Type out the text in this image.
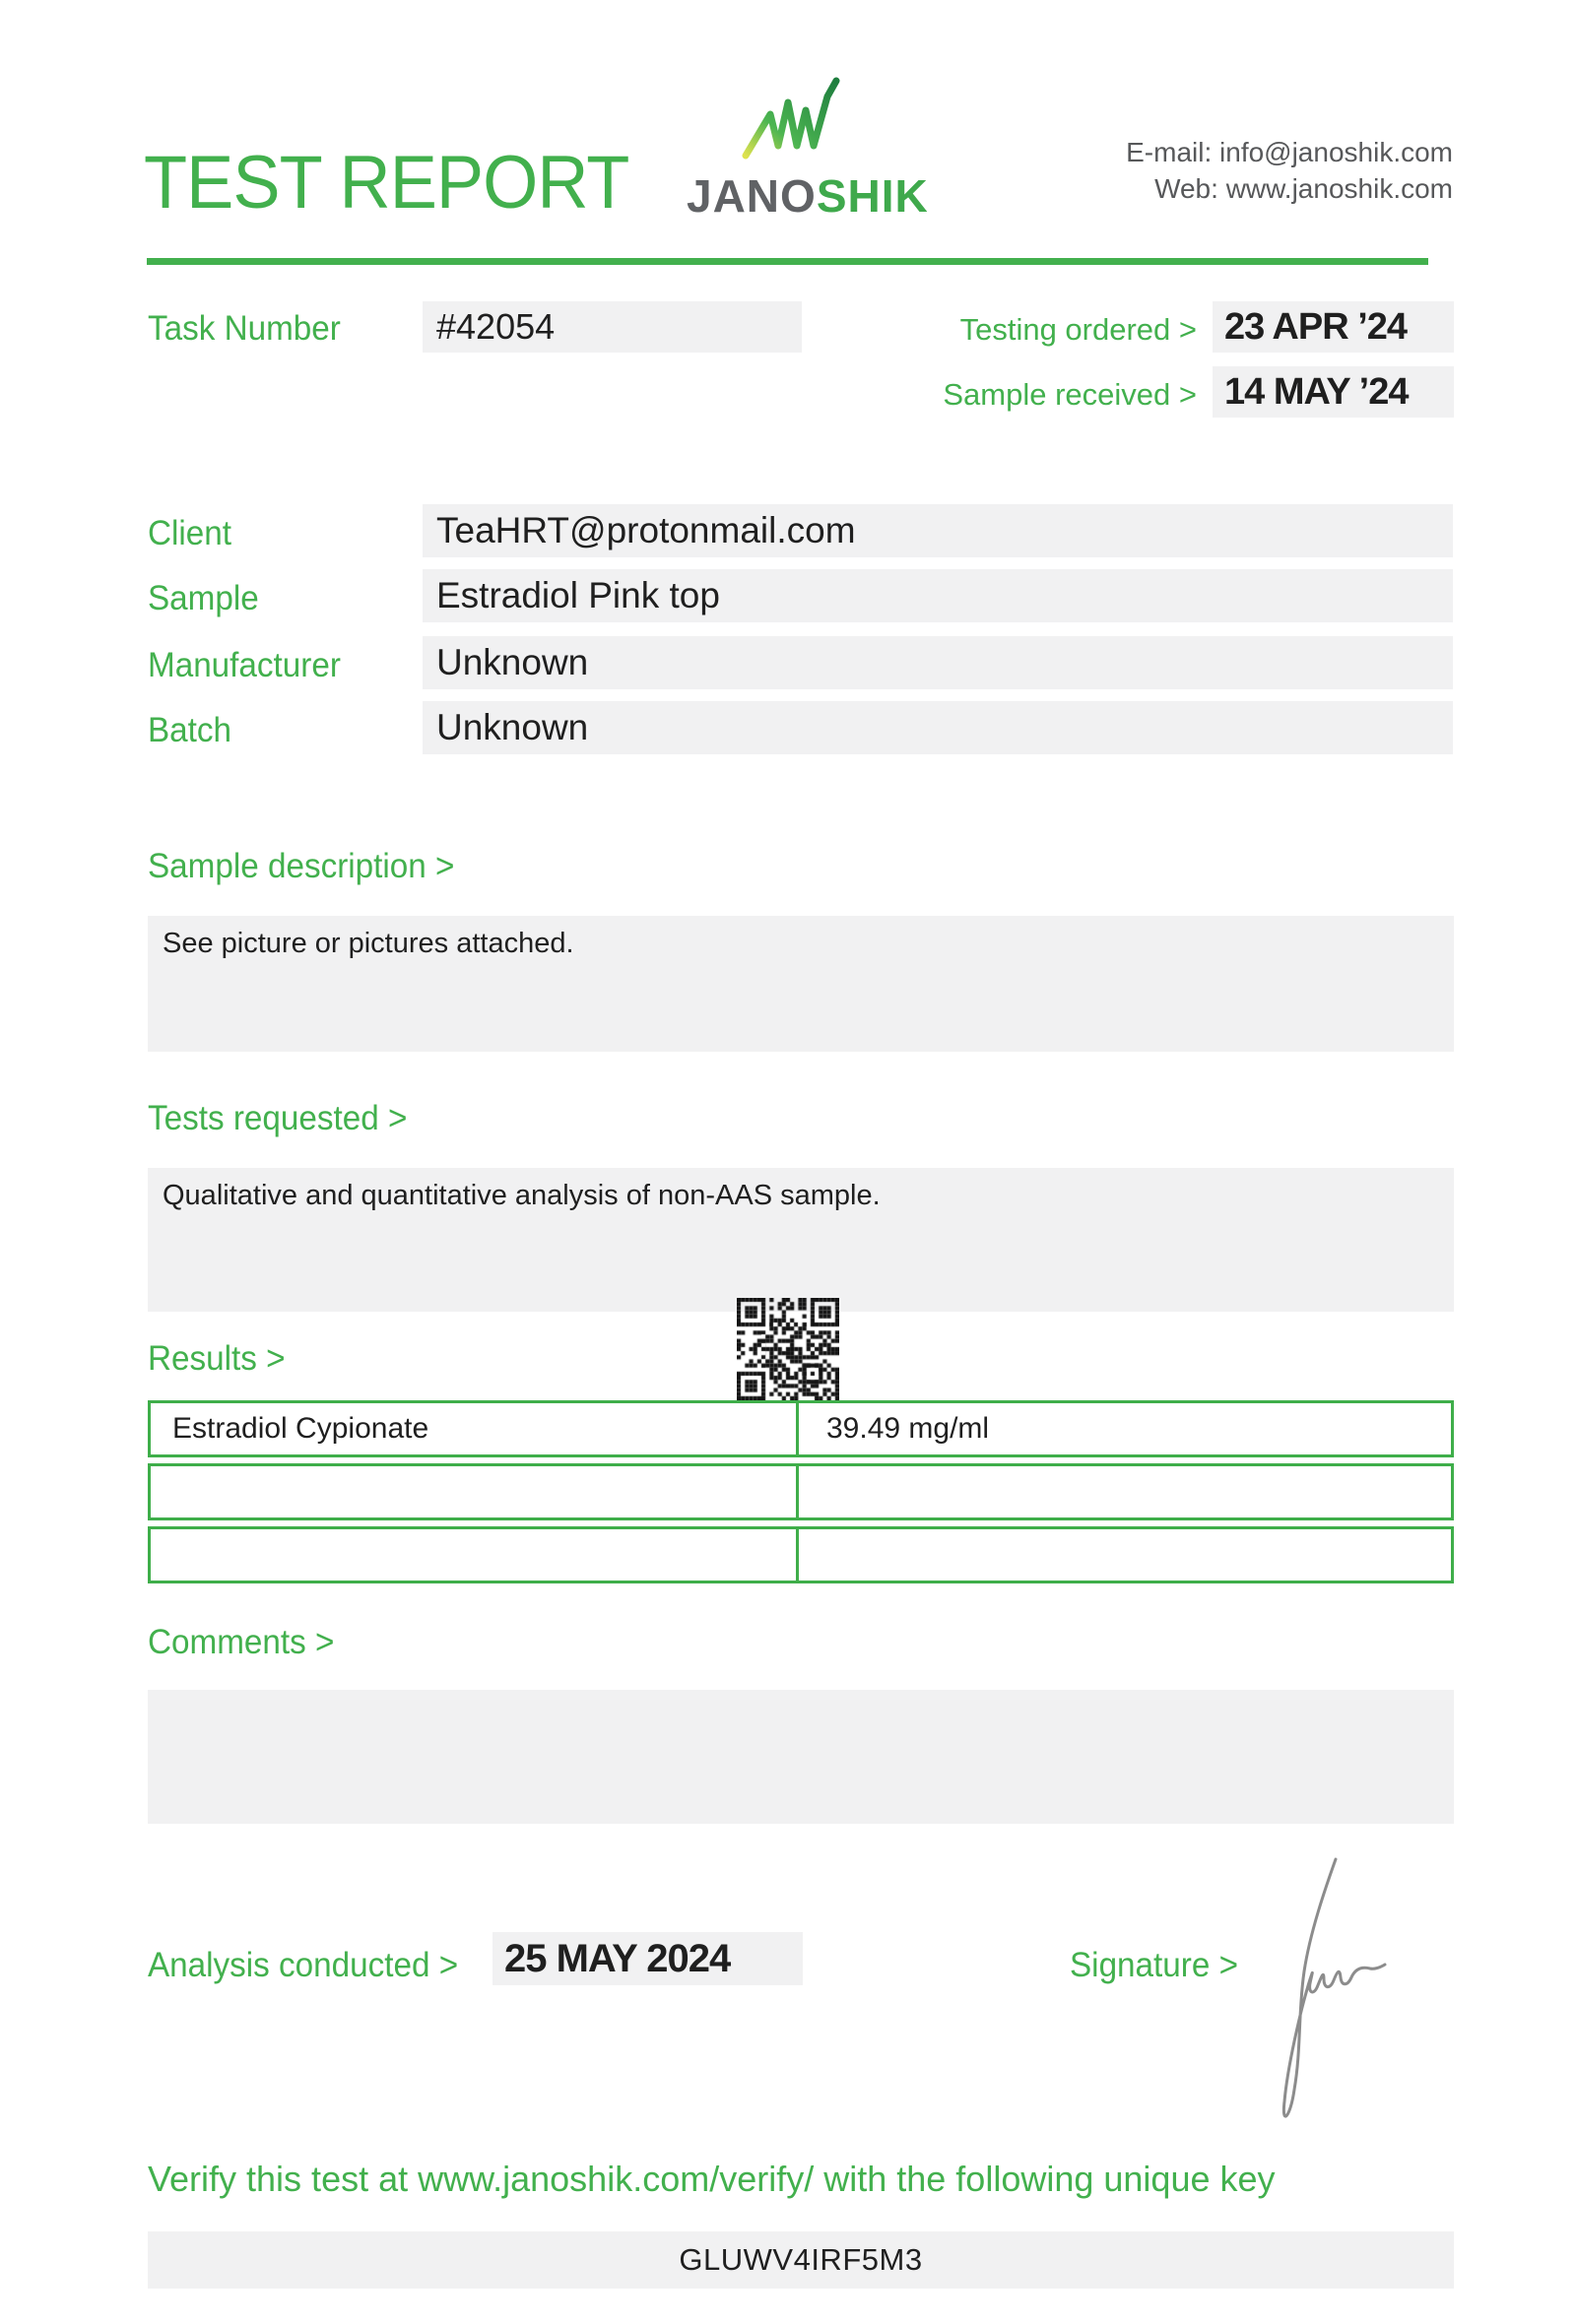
TEST REPORT JANOSHIK
E-mail: info@janoshik.com
Web: www.janoshik.com
Task Number	#42054	Testing ordered > 23 APR ’24
Sample received > 14 MAY ’24
Client	TeaHRT@protonmail.com
Sample	Estradiol Pink top
Manufacturer	Unknown
Batch	Unknown
Sample description >
See picture or pictures attached.
Tests requested >
Qualitative and quantitative analysis of non-AAS sample.
Results >
Estradiol Cypionate	39.49 mg/ml
Comments >
Analysis conducted >	25 MAY 2024	Signature >
Verify this test at www.janoshik.com/verify/ with the following unique key
GLUWV4IRF5M3
